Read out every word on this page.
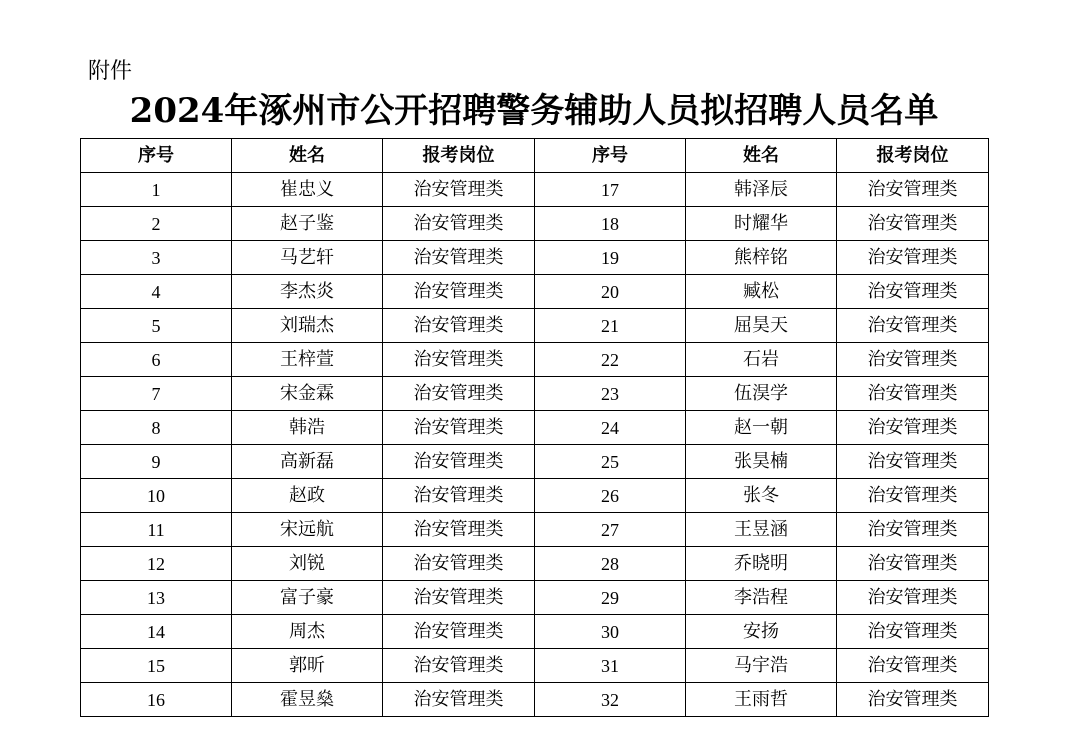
附件
2024年涿州市公开招聘警务辅助人员拟招聘人员名单
序号	姓名	报考岗位	序号	姓名	报考岗位
1	崔忠义	治安管理类	17	韩泽辰	治安管理类
2	赵子鉴	治安管理类	18	时耀华	治安管理类
3	马艺轩	治安管理类	19	熊梓铭	治安管理类
4	李杰炎	治安管理类	20	臧松	治安管理类
5	刘瑞杰	治安管理类	21	屈昊天	治安管理类
6	王梓萱	治安管理类	22	石岩	治安管理类
7	宋金霖	治安管理类	23	伍淏学	治安管理类
8	韩浩	治安管理类	24	赵一朝	治安管理类
9	高新磊	治安管理类	25	张昊楠	治安管理类
10	赵政	治安管理类	26	张冬	治安管理类
11	宋远航	治安管理类	27	王昱涵	治安管理类
12	刘锐	治安管理类	28	乔晓明	治安管理类
13	富子豪	治安管理类	29	李浩程	治安管理类
14	周杰	治安管理类	30	安扬	治安管理类
15	郭昕	治安管理类	31	马宇浩	治安管理类
16	霍昱燊	治安管理类	32	王雨哲	治安管理类
